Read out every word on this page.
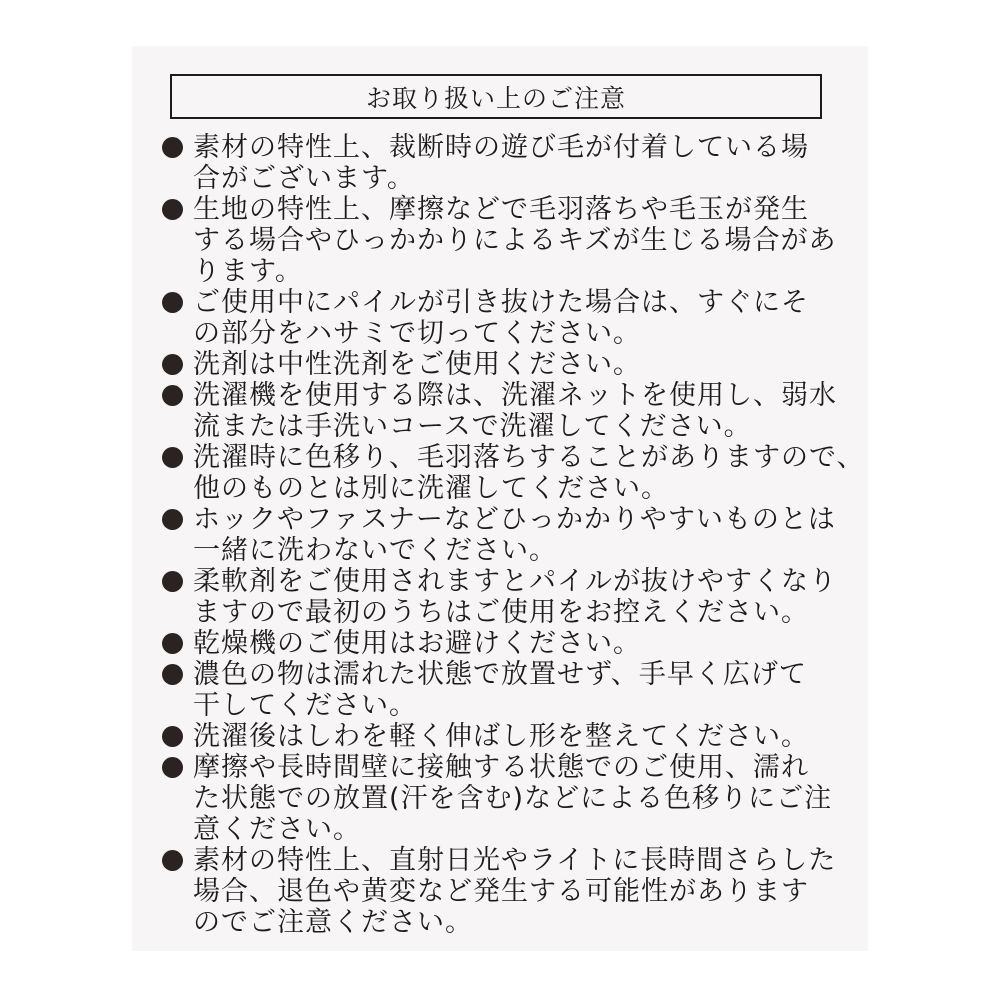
お取り扱い上のご注意
素材の特性上、裁断時の遊び毛が付着している場
合がございます。
生地の特性上、摩擦などで毛羽落ちや毛玉が発生
する場合やひっかかりによるキズが生じる場合があ
ります。
ご使用中にパイルが引き抜けた場合は、すぐにそ
の部分をハサミで切ってください。
洗剤は中性洗剤をご使用ください。
洗濯機を使用する際は、洗濯ネットを使用し、弱水
流または手洗いコースで洗濯してください。
洗濯時に色移り、毛羽落ちすることがありますので、
他のものとは別に洗濯してください。
ホックやファスナーなどひっかかりやすいものとは
一緒に洗わないでください。
柔軟剤をご使用されますとパイルが抜けやすくなり
ますので最初のうちはご使用をお控えください。
乾燥機のご使用はお避けください。
濃色の物は濡れた状態で放置せず、手早く広げて
干してください。
洗濯後はしわを軽く伸ばし形を整えてください。
摩擦や長時間壁に接触する状態でのご使用、濡れ
た状態での放置(汗を含む)などによる色移りにご注
意ください。
素材の特性上、直射日光やライトに長時間さらした
場合、退色や黄変など発生する可能性があります
のでご注意ください。
